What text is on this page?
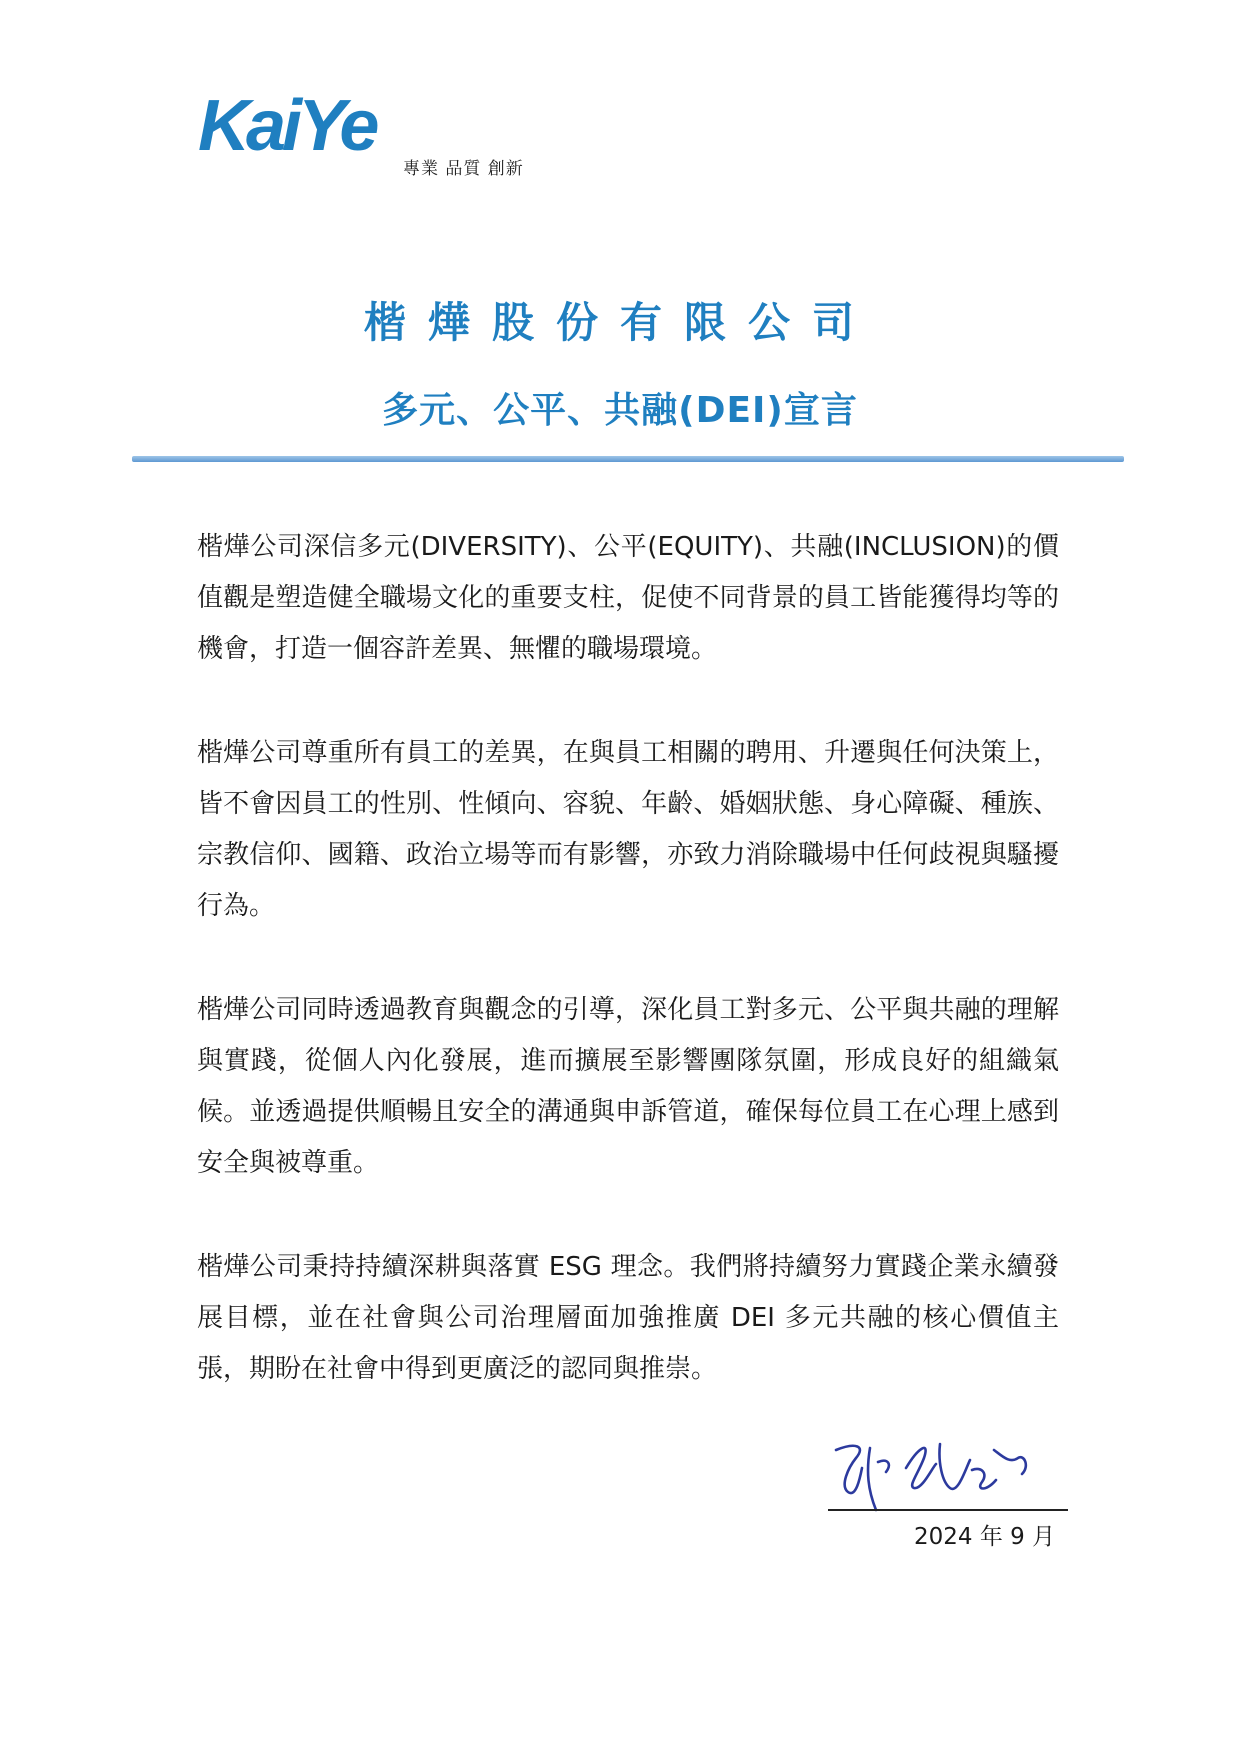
KaiYe
專業 品質 創新
楷燁股份有限公司
多元、公平、共融(DEI)宣言

楷燁公司深信多元(DIVERSITY)、公平(EQUITY)、共融(INCLUSION)的價值觀是塑造健全職場文化的重要支柱，促使不同背景的員工皆能獲得均等的機會，打造一個容許差異、無懼的職場環境。

楷燁公司尊重所有員工的差異，在與員工相關的聘用、升遷與任何決策上，皆不會因員工的性別、性傾向、容貌、年齡、婚姻狀態、身心障礙、種族、宗教信仰、國籍、政治立場等而有影響，亦致力消除職場中任何歧視與騷擾行為。

楷燁公司同時透過教育與觀念的引導，深化員工對多元、公平與共融的理解與實踐，從個人內化發展，進而擴展至影響團隊氛圍，形成良好的組織氣候。並透過提供順暢且安全的溝通與申訴管道，確保每位員工在心理上感到安全與被尊重。

楷燁公司秉持持續深耕與落實 ESG 理念。我們將持續努力實踐企業永續發展目標，並在社會與公司治理層面加強推廣 DEI 多元共融的核心價值主張，期盼在社會中得到更廣泛的認同與推崇。

2024 年 9 月
